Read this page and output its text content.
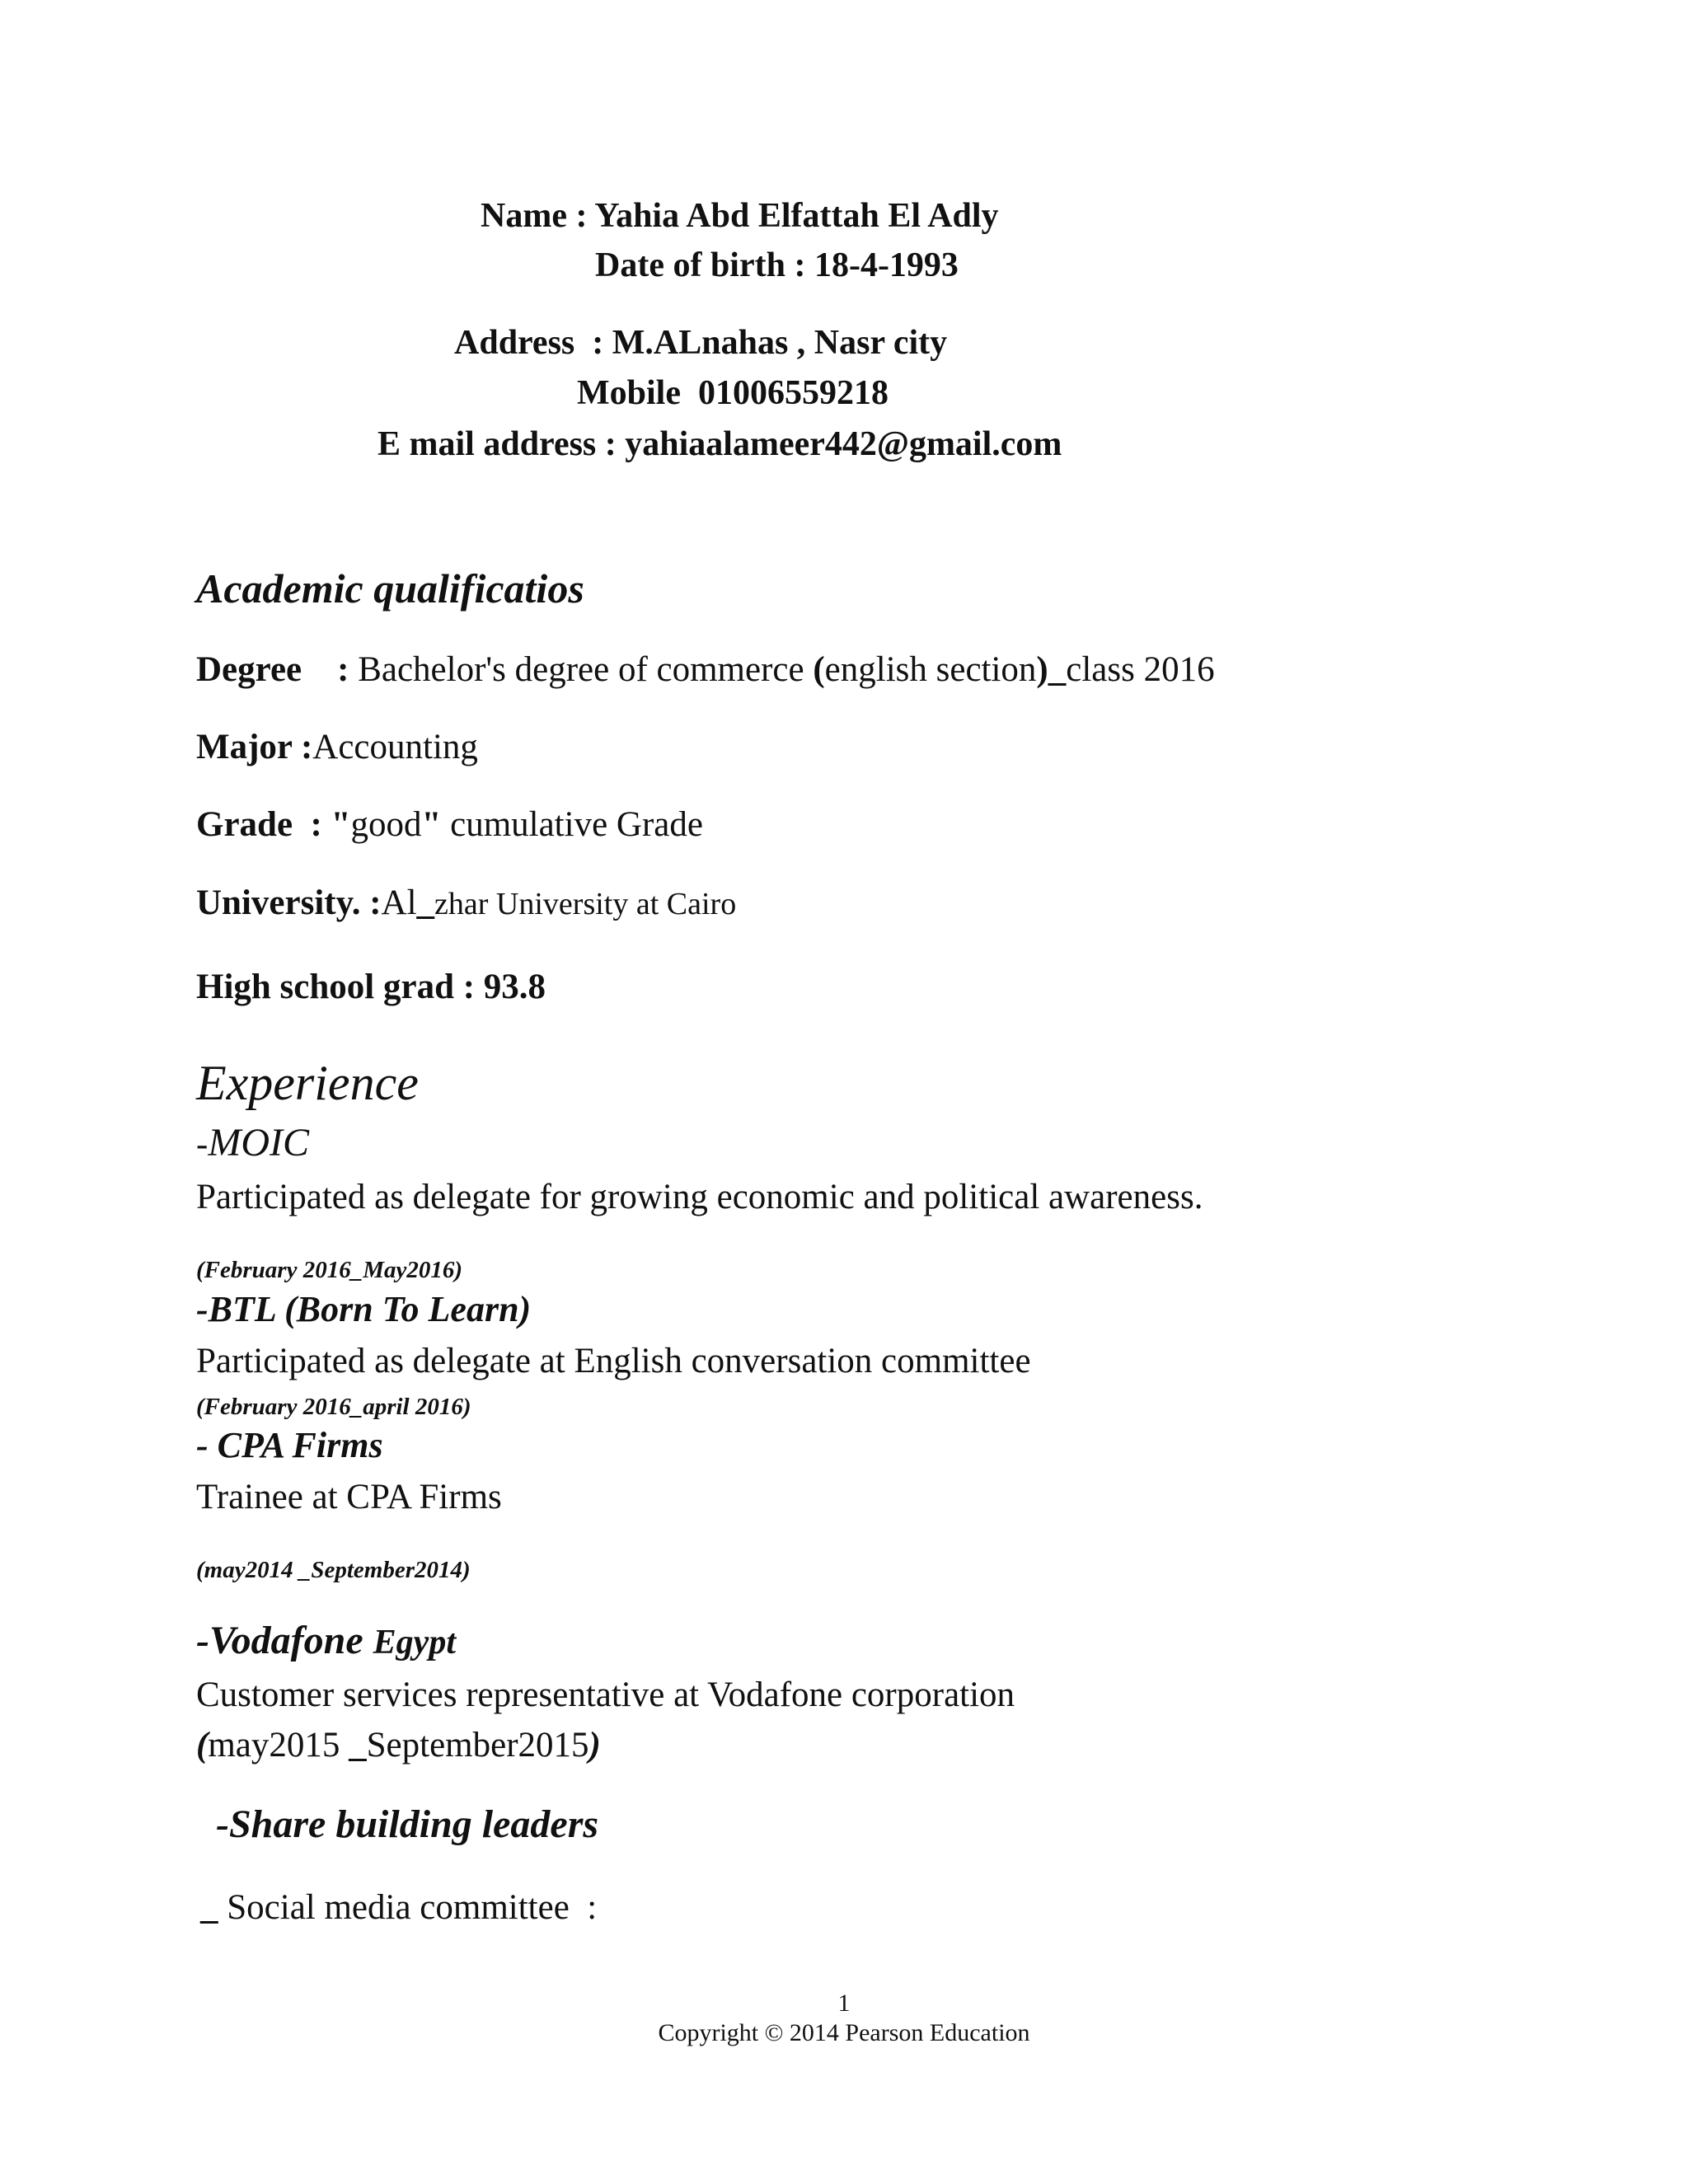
Name : Yahia Abd Elfattah El Adly
Date of birth : 18-4-1993
Address  : M.ALnahas , Nasr city
Mobile  01006559218
E mail address : yahiaalameer442@gmail.com
Academic qualificatios
Degree    : Bachelor's degree of commerce (english section)_class 2016
Major :Accounting
Grade  : "good" cumulative Grade
University. :Al_zhar University at Cairo
High school grad : 93.8
Experience
-MOIC
Participated as delegate for growing economic and political awareness.
(February 2016_May2016)
-BTL (Born To Learn)
Participated as delegate at English conversation committee
(February 2016_april 2016)
- CPA Firms
Trainee at CPA Firms
(may2014 _September2014)
-Vodafone Egypt
Customer services representative at Vodafone corporation
(may2015 _September2015)
-Share building leaders
_ Social media committee  :
1
Copyright © 2014 Pearson Education
